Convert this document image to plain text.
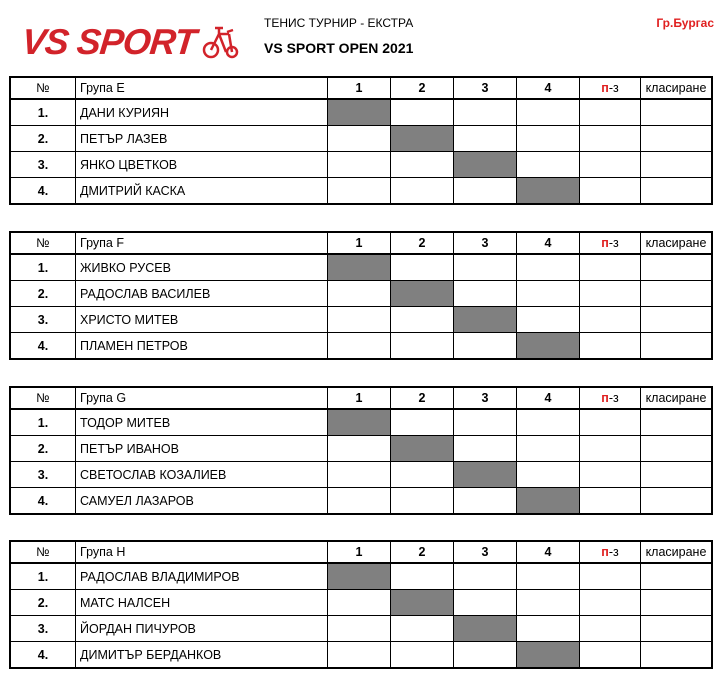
VS SPORT	ТЕНИС ТУРНИР - ЕКСТРА
VS SPORT OPEN 2021
Гр.Бургас
№	Група E	1	2	3	4	п-з	класиране
1.	ДАНИ КУРИЯН						
2.	ПЕТЪР ЛАЗЕВ						
3.	ЯНКО ЦВЕТКОВ						
4.	ДМИТРИЙ КАСКА						
№	Група F	1	2	3	4	п-з	класиране
1.	ЖИВКО РУСЕВ						
2.	РАДОСЛАВ ВАСИЛЕВ						
3.	ХРИСТО МИТЕВ						
4.	ПЛАМЕН ПЕТРОВ						
№	Група G	1	2	3	4	п-з	класиране
1.	ТОДОР МИТЕВ						
2.	ПЕТЪР ИВАНОВ						
3.	СВЕТОСЛАВ КОЗАЛИЕВ						
4.	САМУЕЛ ЛАЗАРОВ						
№	Група H	1	2	3	4	п-з	класиране
1.	РАДОСЛАВ ВЛАДИМИРОВ						
2.	МАТС НАЛСЕН						
3.	ЙОРДАН ПИЧУРОВ						
4.	ДИМИТЪР БЕРДАНКОВ						
